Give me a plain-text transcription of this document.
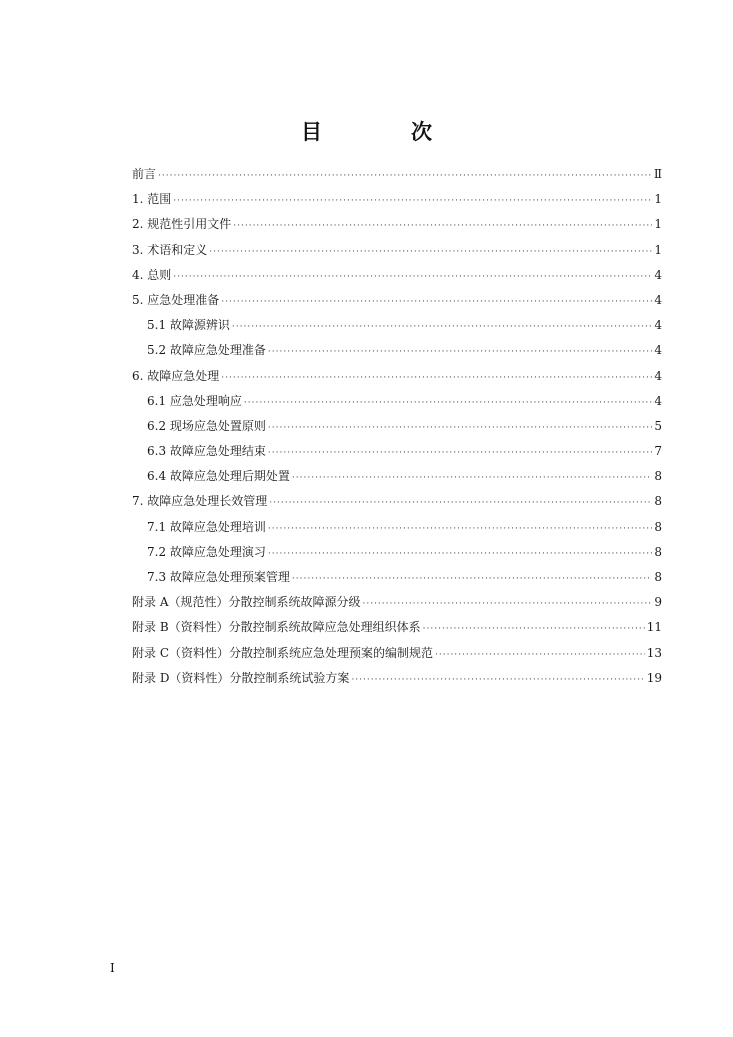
目　次
前言 ·····	Ⅱ
1. 范围 ·····	1
2. 规范性引用文件 ·····	1
3. 术语和定义 ·····	1
4. 总则 ·····	4
5. 应急处理准备 ·····	4
5.1 故障源辨识 ·····	4
5.2 故障应急处理准备 ·····	4
6. 故障应急处理 ·····	4
6.1 应急处理响应 ·····	4
6.2 现场应急处置原则 ·····	5
6.3 故障应急处理结束 ·····	7
6.4 故障应急处理后期处置 ·····	8
7. 故障应急处理长效管理 ·····	8
7.1 故障应急处理培训 ·····	8
7.2 故障应急处理演习 ·····	8
7.3 故障应急处理预案管理 ·····	8
附录 A（规范性）分散控制系统故障源分级 ·····	9
附录 B（资料性）分散控制系统故障应急处理组织体系 ·····	11
附录 C（资料性）分散控制系统应急处理预案的编制规范 ·····	13
附录 D（资料性）分散控制系统试验方案 ·····	19
I
